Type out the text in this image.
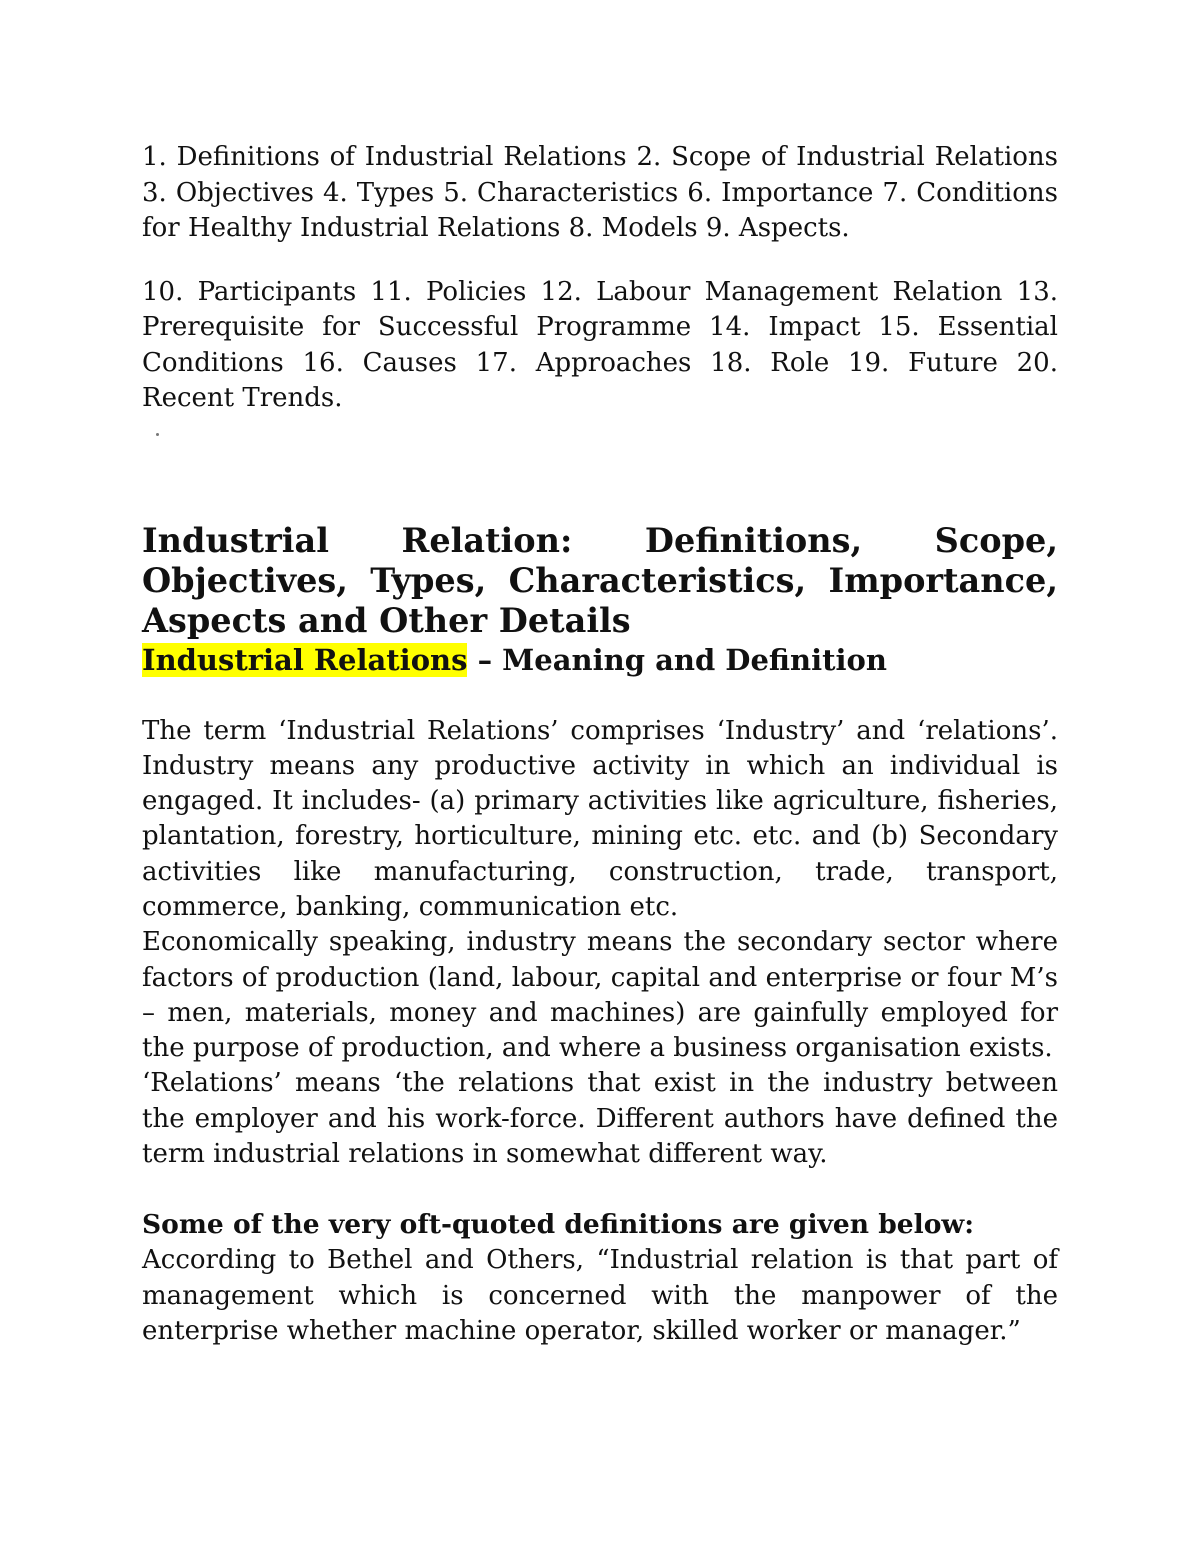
1. Definitions of Industrial Relations 2. Scope of Industrial Relations 3. Objectives 4. Types 5. Characteristics 6. Importance 7. Conditions for Healthy Industrial Relations 8. Models 9. Aspects.

10. Participants 11. Policies 12. Labour Management Relation 13. Prerequisite for Successful Programme 14. Impact 15. Essential Conditions 16. Causes 17. Approaches 18. Role 19. Future 20. Recent Trends.

Industrial Relation: Definitions, Scope, Objectives, Types, Characteristics, Importance, Aspects and Other Details
Industrial Relations – Meaning and Definition

The term ‘Industrial Relations’ comprises ‘Industry’ and ‘relations’. Industry means any productive activity in which an individual is engaged. It includes- (a) primary activities like agriculture, fisheries, plantation, forestry, horticulture, mining etc. etc. and (b) Secondary activities like manufacturing, construction, trade, transport, commerce, banking, communication etc.

Economically speaking, industry means the secondary sector where factors of production (land, labour, capital and enterprise or four M’s – men, materials, money and machines) are gainfully employed for the purpose of production, and where a business organisation exists.

‘Relations’ means ‘the relations that exist in the industry between the employer and his work-force. Different authors have defined the term industrial relations in somewhat different way.

Some of the very oft-quoted definitions are given below:

According to Bethel and Others, “Industrial relation is that part of management which is concerned with the manpower of the enterprise whether machine operator, skilled worker or manager.”
